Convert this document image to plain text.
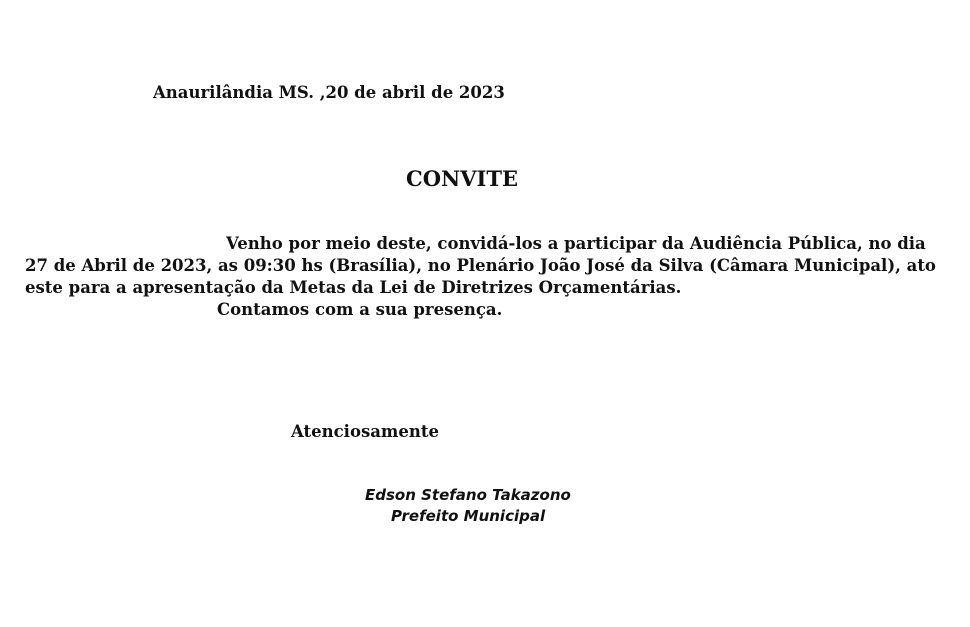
Anaurilândia MS. ,20 de abril de 2023
CONVITE
Venho por meio deste, convidá-los a participar da Audiência Pública, no dia
27 de Abril de 2023, as 09:30 hs (Brasília), no Plenário João José da Silva (Câmara Municipal), ato
este para a apresentação da Metas da Lei de Diretrizes Orçamentárias.
Contamos com a sua presença.
Atenciosamente
Edson Stefano Takazono
Prefeito Municipal
